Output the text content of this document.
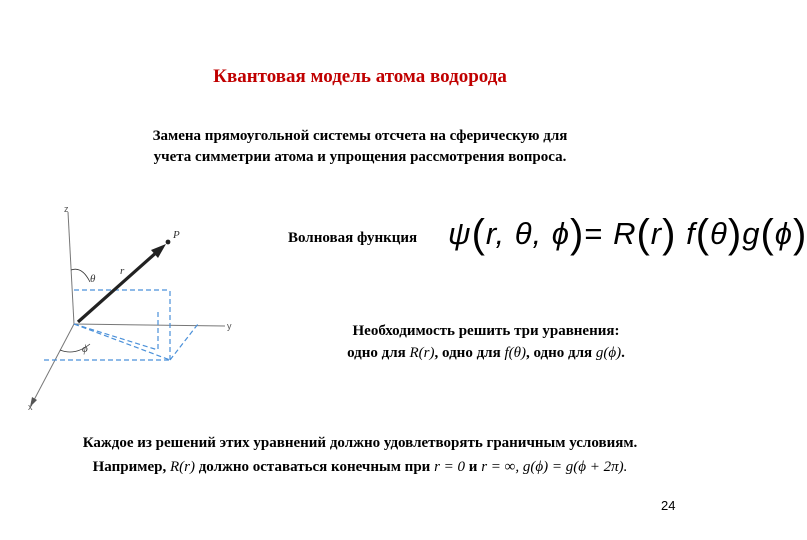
Квантовая модель атома водорода
Замена прямоугольной системы отсчета на сферическую для
учета симметрии атома и упрощения рассмотрения вопроса.
z
y
x
θ
ϕ
P
r
Волновая функция ψ(r, θ, ϕ)= R(r) f(θ)g(ϕ)
Необходимость решить три уравнения:
одно для R(r), одно для f(θ), одно для g(ϕ).
Каждое из решений этих уравнений должно удовлетворять граничным условиям.
Например, R(r) должно оставаться конечным при r = 0 и r = ∞, g(ϕ) = g(ϕ + 2π).
24
